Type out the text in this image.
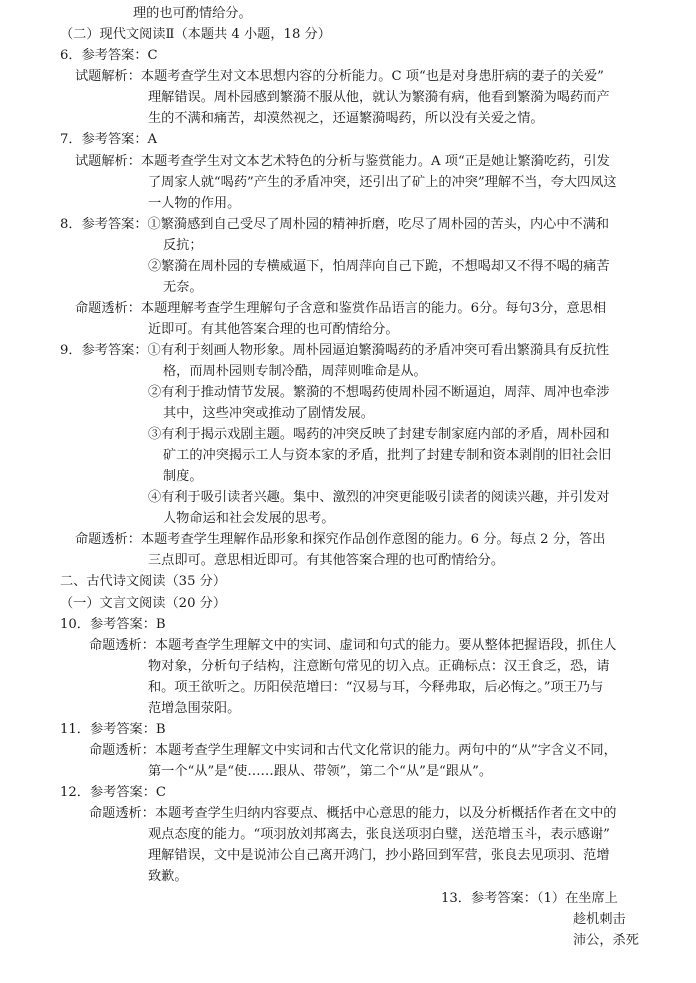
理的也可酌情给分。
（二）现代文阅读Ⅱ（本题共 4 小题，18 分）
6．参考答案：C
试题解析：本题考查学生对文本思想内容的分析能力。C 项“也是对身患肝病的妻子的关爱”
理解错误。周朴园感到繁漪不服从他，就认为繁漪有病，他看到繁漪为喝药而产
生的不满和痛苦，却漠然视之，还逼繁漪喝药，所以没有关爱之情。
7．参考答案：A
试题解析：本题考查学生对文本艺术特色的分析与鉴赏能力。A 项“正是她让繁漪吃药，引发
了周家人就“喝药”产生的矛盾冲突，还引出了矿上的冲突”理解不当，夸大四凤这
一人物的作用。
8．参考答案：①繁漪感到自己受尽了周朴园的精神折磨，吃尽了周朴园的苦头，内心中不满和
反抗；
②繁漪在周朴园的专横威逼下，怕周萍向自己下跪，不想喝却又不得不喝的痛苦
无奈。
命题透析：本题理解考查学生理解句子含意和鉴赏作品语言的能力。6分。每句3分，意思相
近即可。有其他答案合理的也可酌情给分。
9．参考答案：①有利于刻画人物形象。周朴园逼迫繁漪喝药的矛盾冲突可看出繁漪具有反抗性
格，而周朴园则专制冷酷，周萍则唯命是从。
②有利于推动情节发展。繁漪的不想喝药使周朴园不断逼迫，周萍、周冲也牵涉
其中，这些冲突或推动了剧情发展。
③有利于揭示戏剧主题。喝药的冲突反映了封建专制家庭内部的矛盾，周朴园和
矿工的冲突揭示工人与资本家的矛盾，批判了封建专制和资本剥削的旧社会旧
制度。
④有利于吸引读者兴趣。集中、激烈的冲突更能吸引读者的阅读兴趣，并引发对
人物命运和社会发展的思考。
命题透析：本题考查学生理解作品形象和探究作品创作意图的能力。6 分。每点 2 分，答出
三点即可。意思相近即可。有其他答案合理的也可酌情给分。
二、古代诗文阅读（35 分）
（一）文言文阅读（20 分）
10．参考答案：B
命题透析：本题考查学生理解文中的实词、虚词和句式的能力。要从整体把握语段，抓住人
物对象，分析句子结构，注意断句常见的切入点。正确标点：汉王食乏，恐，请
和。项王欲听之。历阳侯范增曰：“汉易与耳，今释弗取，后必悔之。”项王乃与
范增急围荥阳。
11．参考答案：B
命题透析：本题考查学生理解文中实词和古代文化常识的能力。两句中的“从”字含义不同，
第一个“从”是“使……跟从、带领”，第二个“从”是“跟从”。
12．参考答案：C
命题透析：本题考查学生归纳内容要点、概括中心意思的能力，以及分析概括作者在文中的
观点态度的能力。“项羽放刘邦离去，张良送项羽白璧，送范增玉斗，表示感谢”
理解错误，文中是说沛公自己离开鸿门，抄小路回到军营，张良去见项羽、范增
致歉。
13．参考答案：（1）在坐席上
趁机刺击
沛公，杀死
